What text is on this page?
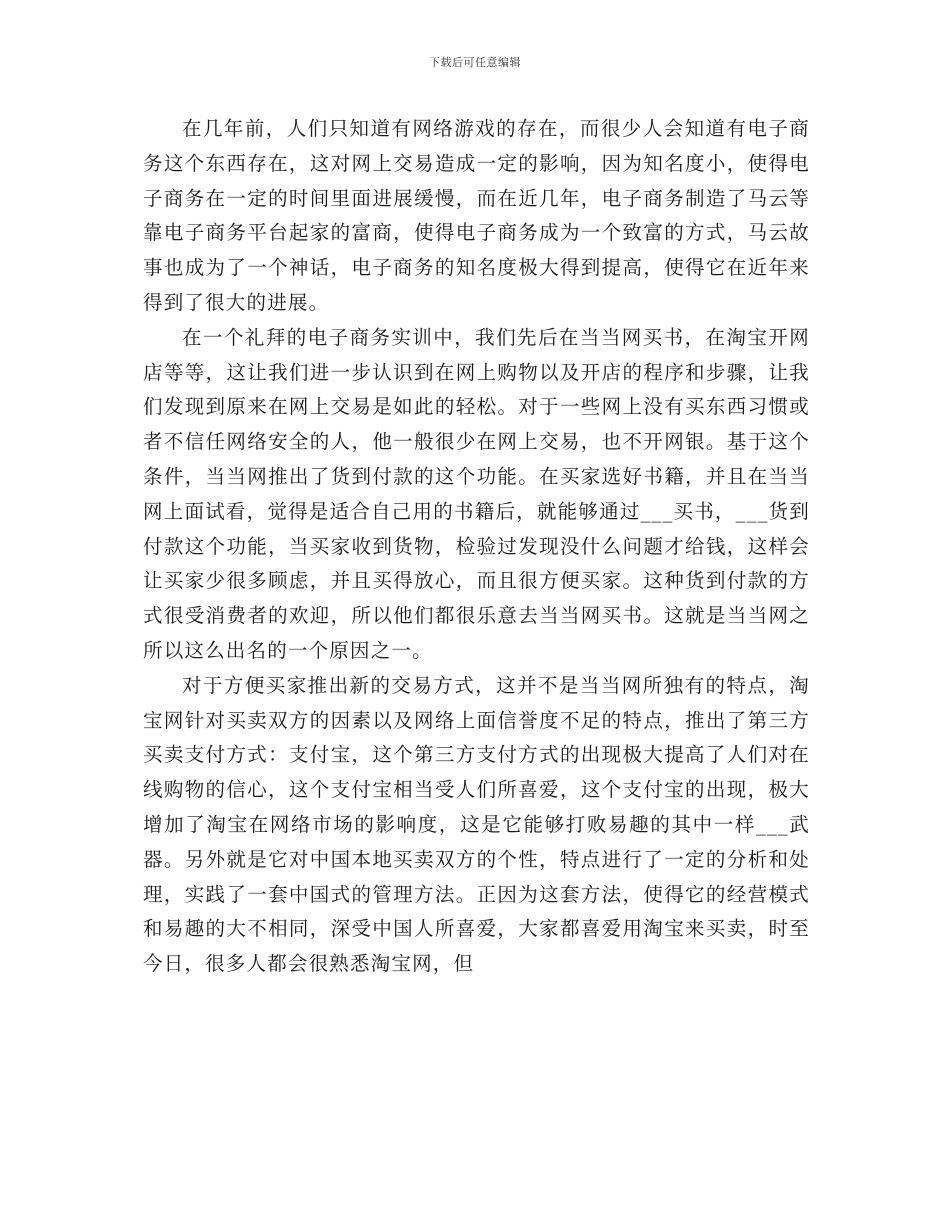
下载后可任意编辑

在几年前，人们只知道有网络游戏的存在，而很少人会知道有电子商务这个东西存在，这对网上交易造成一定的影响，因为知名度小，使得电子商务在一定的时间里面进展缓慢，而在近几年，电子商务制造了马云等靠电子商务平台起家的富商，使得电子商务成为一个致富的方式，马云故事也成为了一个神话，电子商务的知名度极大得到提高，使得它在近年来得到了很大的进展。

在一个礼拜的电子商务实训中，我们先后在当当网买书，在淘宝开网店等等，这让我们进一步认识到在网上购物以及开店的程序和步骤，让我们发现到原来在网上交易是如此的轻松。对于一些网上没有买东西习惯或者不信任网络安全的人，他一般很少在网上交易，也不开网银。基于这个条件，当当网推出了货到付款的这个功能。在买家选好书籍，并且在当当网上面试看，觉得是适合自己用的书籍后，就能够通过___买书，___货到付款这个功能，当买家收到货物，检验过发现没什么问题才给钱，这样会让买家少很多顾虑，并且买得放心，而且很方便买家。这种货到付款的方式很受消费者的欢迎，所以他们都很乐意去当当网买书。这就是当当网之所以这么出名的一个原因之一。

对于方便买家推出新的交易方式，这并不是当当网所独有的特点，淘宝网针对买卖双方的因素以及网络上面信誉度不足的特点，推出了第三方买卖支付方式：支付宝，这个第三方支付方式的出现极大提高了人们对在线购物的信心，这个支付宝相当受人们所喜爱，这个支付宝的出现，极大增加了淘宝在网络市场的影响度，这是它能够打败易趣的其中一样___武器。另外就是它对中国本地买卖双方的个性，特点进行了一定的分析和处理，实践了一套中国式的管理方法。正因为这套方法，使得它的经营模式和易趣的大不相同，深受中国人所喜爱，大家都喜爱用淘宝来买卖，时至今日，很多人都会很熟悉淘宝网，但
